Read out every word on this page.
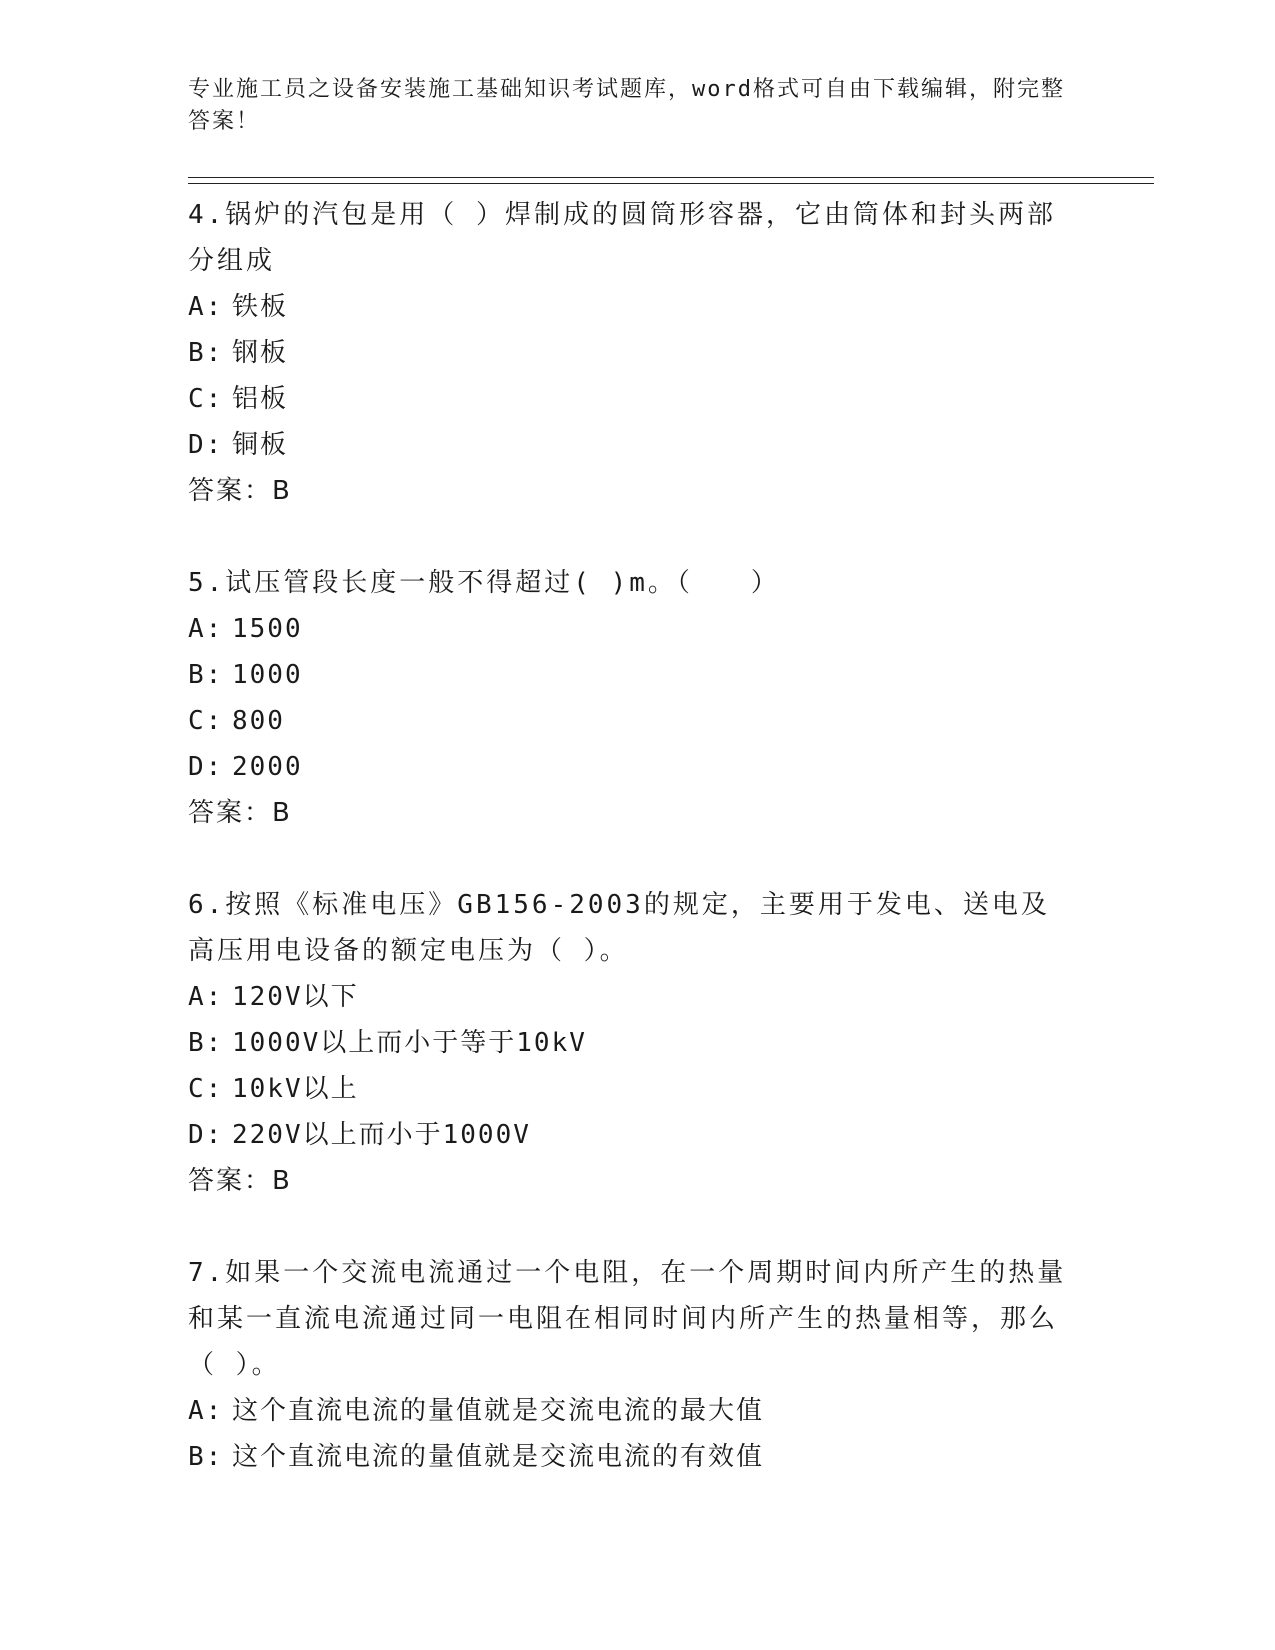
专业施工员之设备安装施工基础知识考试题库，word格式可自由下载编辑，附完整答案！

4.锅炉的汽包是用（ ）焊制成的圆筒形容器，它由筒体和封头两部分组成

A: 铁板

B: 钢板

C: 铝板

D: 铜板

答案：B

5.试压管段长度一般不得超过( )m。（　　）

A: 1500

B: 1000

C: 800

D: 2000

答案：B

6.按照《标准电压》GB156-2003的规定，主要用于发电、送电及高压用电设备的额定电压为（ ）。

A: 120V以下

B: 1000V以上而小于等于10kV

C: 10kV以上

D: 220V以上而小于1000V

答案：B

7.如果一个交流电流通过一个电阻，在一个周期时间内所产生的热量和某一直流电流通过同一电阻在相同时间内所产生的热量相等，那么（ ）。

A: 这个直流电流的量值就是交流电流的最大值

B: 这个直流电流的量值就是交流电流的有效值
